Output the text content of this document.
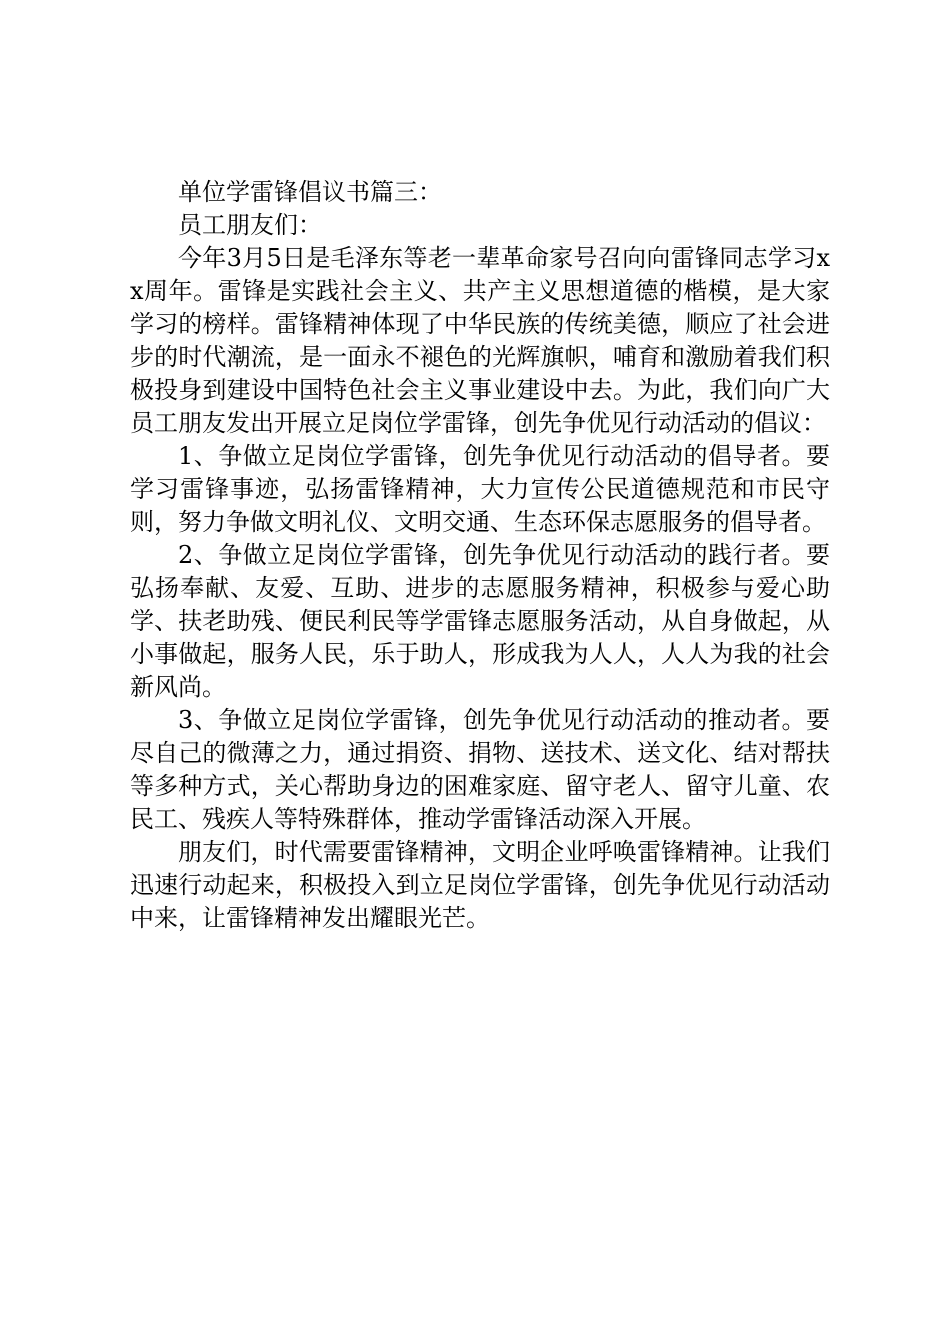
单位学雷锋倡议书篇三：

员工朋友们：

今年3月5日是毛泽东等老一辈革命家号召向向雷锋同志学习xx周年。雷锋是实践社会主义、共产主义思想道德的楷模，是大家学习的榜样。雷锋精神体现了中华民族的传统美德，顺应了社会进步的时代潮流，是一面永不褪色的光辉旗帜，哺育和激励着我们积极投身到建设中国特色社会主义事业建设中去。为此，我们向广大员工朋友发出开展立足岗位学雷锋，创先争优见行动活动的倡议：

1、争做立足岗位学雷锋，创先争优见行动活动的倡导者。要学习雷锋事迹，弘扬雷锋精神，大力宣传公民道德规范和市民守则，努力争做文明礼仪、文明交通、生态环保志愿服务的倡导者。

2、争做立足岗位学雷锋，创先争优见行动活动的践行者。要弘扬奉献、友爱、互助、进步的志愿服务精神，积极参与爱心助学、扶老助残、便民利民等学雷锋志愿服务活动，从自身做起，从小事做起，服务人民，乐于助人，形成我为人人，人人为我的社会新风尚。

3、争做立足岗位学雷锋，创先争优见行动活动的推动者。要尽自己的微薄之力，通过捐资、捐物、送技术、送文化、结对帮扶等多种方式，关心帮助身边的困难家庭、留守老人、留守儿童、农民工、残疾人等特殊群体，推动学雷锋活动深入开展。

朋友们，时代需要雷锋精神，文明企业呼唤雷锋精神。让我们迅速行动起来，积极投入到立足岗位学雷锋，创先争优见行动活动中来，让雷锋精神发出耀眼光芒。
